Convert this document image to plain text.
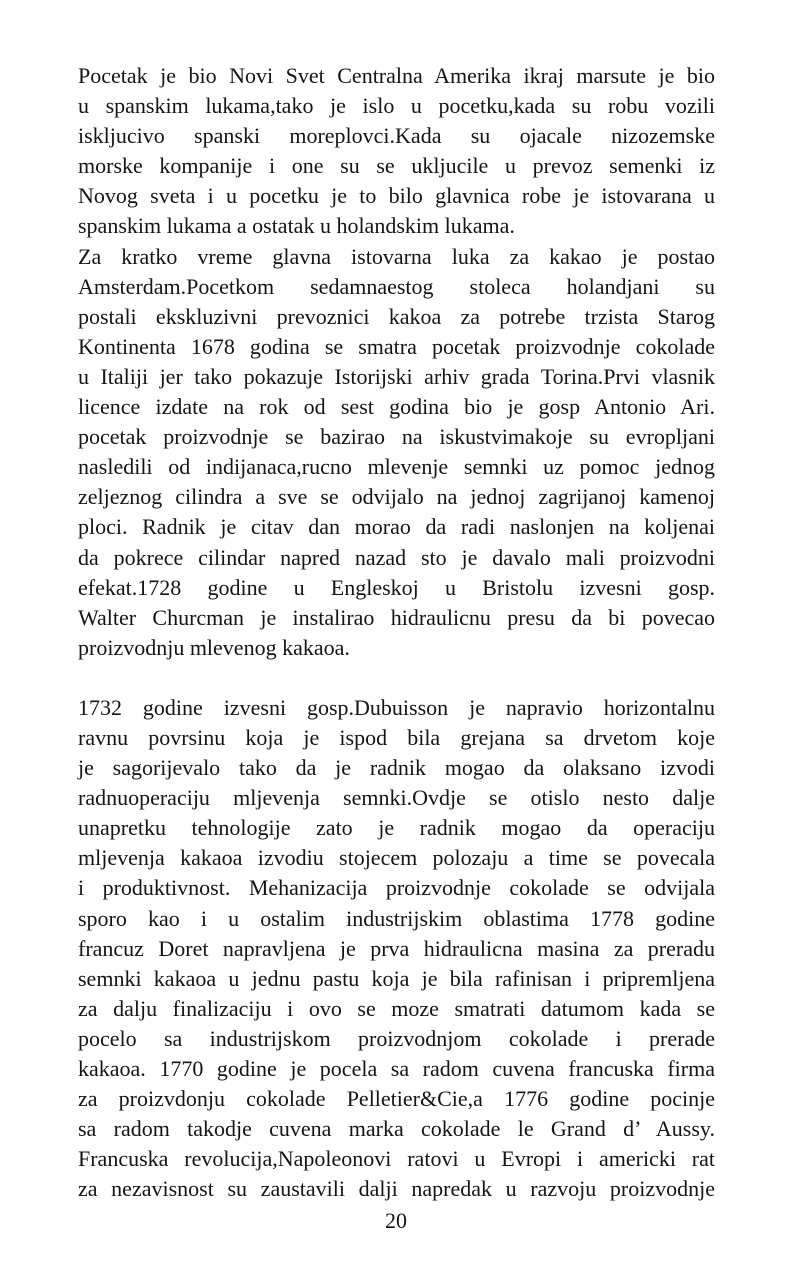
Pocetak je bio Novi Svet Centralna Amerika ikraj marsute je bio
u spanskim lukama,tako je islo u pocetku,kada su robu vozili
iskljucivo spanski moreplovci.Kada su ojacale nizozemske
morske kompanije i one su se ukljucile u prevoz semenki iz
Novog sveta i u pocetku je to bilo glavnica robe je istovarana u
spanskim lukama a ostatak u holandskim lukama.
Za kratko vreme glavna istovarna luka za kakao je postao
Amsterdam.Pocetkom sedamnaestog stoleca holandjani su
postali ekskluzivni prevoznici kakoa za potrebe trzista Starog
Kontinenta 1678 godina se smatra pocetak proizvodnje cokolade
u Italiji jer tako pokazuje Istorijski arhiv grada Torina.Prvi vlasnik
licence izdate na rok od sest godina bio je gosp Antonio Ari.
pocetak proizvodnje se bazirao na iskustvimakoje su evropljani
nasledili od indijanaca,rucno mlevenje semnki uz pomoc jednog
zeljeznog cilindra a sve se odvijalo na jednoj zagrijanoj kamenoj
ploci. Radnik je citav dan morao da radi naslonjen na koljenai
da pokrece cilindar napred nazad sto je davalo mali proizvodni
efekat.1728 godine u Engleskoj u Bristolu izvesni gosp.
Walter Churcman je instalirao hidraulicnu presu da bi povecao
proizvodnju mlevenog kakaoa.
1732 godine izvesni gosp.Dubuisson je napravio horizontalnu
ravnu povrsinu koja je ispod bila grejana sa drvetom koje
je sagorijevalo tako da je radnik mogao da olaksano izvodi
radnuoperaciju mljevenja semnki.Ovdje se otislo nesto dalje
unapretku tehnologije zato je radnik mogao da operaciju
mljevenja kakaoa izvodiu stojecem polozaju a time se povecala
i produktivnost. Mehanizacija proizvodnje cokolade se odvijala
sporo kao i u ostalim industrijskim oblastima 1778 godine
francuz Doret napravljena je prva hidraulicna masina za preradu
semnki kakaoa u jednu pastu koja je bila rafinisan i pripremljena
za dalju finalizaciju i ovo se moze smatrati datumom kada se
pocelo sa industrijskom proizvodnjom cokolade i prerade
kakaoa. 1770 godine je pocela sa radom cuvena francuska firma
za proizvdonju cokolade Pelletier&Cie,a 1776 godine pocinje
sa radom takodje cuvena marka cokolade le Grand d’ Aussy.
Francuska revolucija,Napoleonovi ratovi u Evropi i americki rat
za nezavisnost su zaustavili dalji napredak u razvoju proizvodnje
20
